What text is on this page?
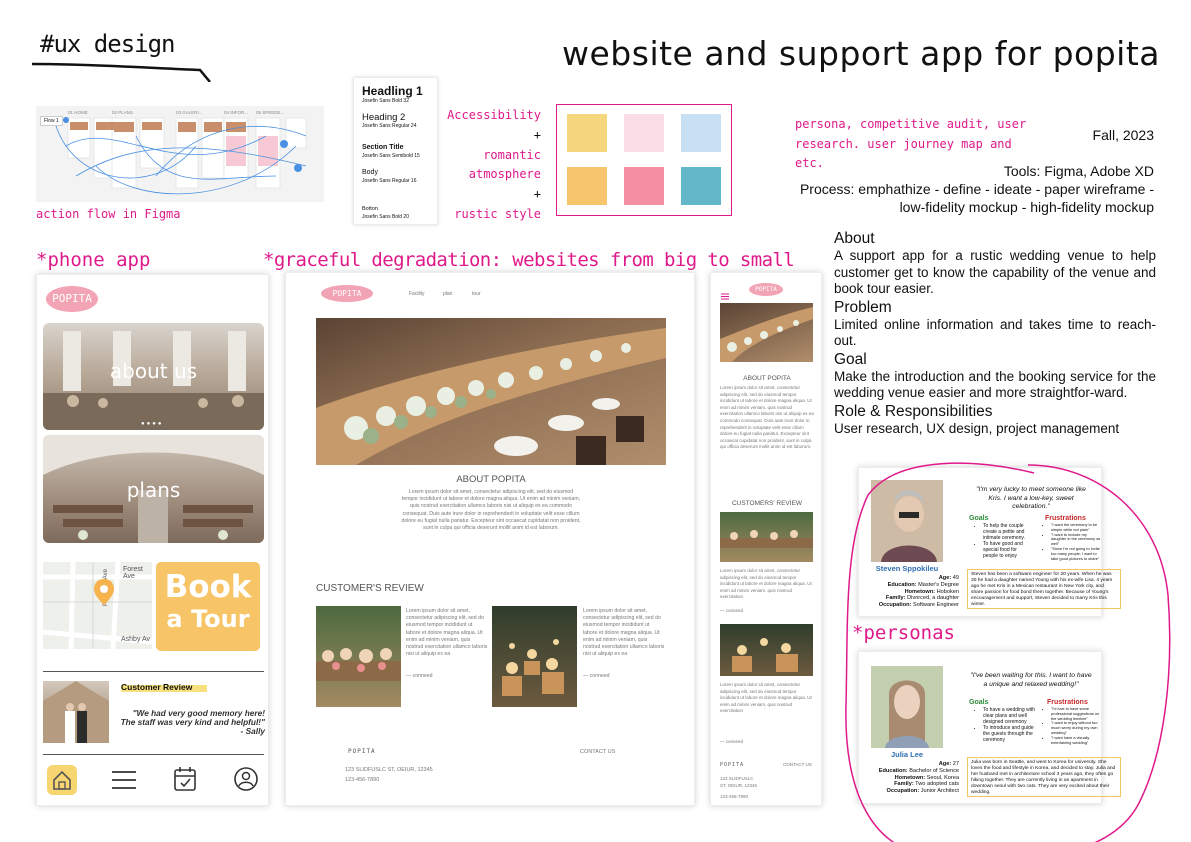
#ux design	website and support app for popita
Flow 1
01 HOME	02 PLANS	03 GALERI...	04 INFOR... 05 SPEEDE...
action flow in Figma
Headling 1
Josefin Sans Bold 32
Heading 2
Josefin Sans Regular 24
Section Title
Josefin Sans Semibold 15
Body
Josefin Sans Regular 16
Botton
Josefin Sans Bold 20
Accessibility
+
romantic
atmosphere
+
rustic style
persona, competitive audit, user
research. user journey map and
etc.
Fall, 2023
Tools: Figma, Adobe XD
Process: emphathize - define - ideate - paper wireframe -
low-fidelity mockup - high-fidelity mockup
About
A support app for a rustic wedding venue to help customer get to know the capability of the venue and book tour easier.
Problem
Limited online information and takes time to reach-out.
Goal
Make the introduction and the booking service for the wedding venue easier and more straightfor-ward.
Role & Responsibilities
User research, UX design, project management
*phone app	*graceful degradation: websites from big to small
POPITA
about us
●●●●
plans
Forest Ave
Ashby Av
Book
a Tour
Customer Review
"We had very good memory here!
The staff was very kind and helpful!"
- Sally
POPITA	Facility	plan	tour
ABOUT POPITA
Lorem ipsum dolor sit amet, consectetur adipiscing elit, sed do eiusmod tempor incididunt ut labore et dolore magna aliqua. Ut enim ad minim veniam, quis nostrud exercitation ullamco laboris nisi ut aliquip ex ea commodo consequat. Duis aute irure dolor in reprehenderit in voluptate velit esse cillum dolore eu fugiat nulla pariatur. Excepteur sint occaecat cupidatat non proident, sunt in culpa qui officia deserunt mollit anim id est laborum.
CUSTOMER'S REVIEW
Lorem ipsum dolor sit amet, consectetur adipiscing elit, sed do eiusmod tempor incididunt ut labore et dolore magna aliqua. Ut enim ad minim veniam, quis nostrud exercitation ullamco laboris nisi ut aliquip ex ea
— conneed
Lorem ipsum dolor sit amet, consectetur adipiscing elit, sed do eiusmod tempor incididunt ut labore et dolore magna aliqua. Ut enim ad minim veniam, quis nostrud exercitation ullamco laboris nisi ut aliquip ex ea
— conneed
POPITA
123 SLIDFUSLC ST, OEIUR, 12345
123-456-7890
CONTACT US
POPITA
ABOUT POPITA
Lorem ipsum dolor sit amet, consectetur adipiscing elit, sed do eiusmod tempor incididunt ut labore et dolore magna aliqua. Ut enim ad minim veniam, quis nostrud exercitation ullamco laboris nisi ut aliquip ex ea commodo consequat. Duis aute irure dolor in reprehenderit in voluptate velit esse cillum dolore eu fugiat nulla pariatur. Excepteur sint occaecat cupidatat non proident, sunt in culpa qui officia deserunt mollit anim id est laborum.
CUSTOMERS' REVIEW
Lorem ipsum dolor sit amet, consectetur adipiscing elit, sed do eiusmod tempor incididunt ut labore et dolore magna aliqua. Ut enim ad minim veniam, quis nostrud exercitation
— conneed
Lorem ipsum dolor sit amet, consectetur adipiscing elit, sed do eiusmod tempor incididunt ut labore et dolore magna aliqua. Ut enim ad minim veniam, quis nostrud exercitation
— conneed
POPITA	CONTACT US
123 SLIDFUSLC ST, OEIUR, 12345
123-456-7890
Steven Sppokileu
Age: 49
Education: Master's Degree
Hometown: Hoboken
Family: Divorced, a daughter
Occupation: Software Engineer
"I'm very lucky to meet someone like Kris. I want a low-key, sweet celebration."
Goals
• To help the couple create a petite and intimate ceremony.
• To have good and special food for people to enjoy
Frustrations
• "I want the ceremony to be simple while not plain"
• "I want to include my daughter in the ceremony as well"
• "Since I'm not going to invite too many people, I want to take good pictures to share"
Steven has been a software engineer for 20 years. When he was 30 he had a daughter named Young with his ex-wife Lisa. 4 years ago he met Kris in a Mexican restaurant in New York city, and share passion for food bond them together. Because of Young's encouragement and support, Steven decided to marry Kris this winter.
*personas
Julia Lee
Age: 27
Education: Bachelor of Science
Hometown: Seoul, Korea
Family: Two adopted cats
Occupation: Junior Architect
"I've been waiting for this. I want to have a unique and relaxed wedding!"
Goals
• To have a wedding with clear plans and well designed ceremony
• To introduce and guide the guests through the ceremony
Frustrations
• "I'd love to have some professional suggestions on the wedding timeline"
• "I want to enjoy without too much worry during my own wedding"
• "I want have a visually entertaining wedding"
Julia was born in Seattle, and went to Korea for university. She loves the food and lifestyle in Korea, and decided to stay. Julia and her husband met in architecture school 3 years ago, they often go hiking together. They are currently living in an apartment in downtown seoul with two cats. They are very excited about their wedding.
